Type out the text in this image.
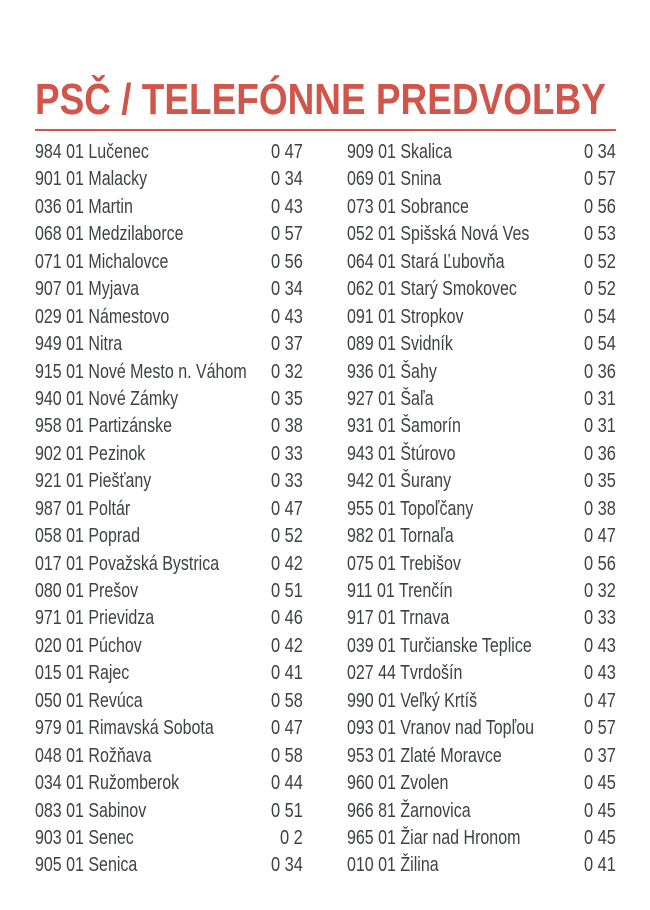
PSČ / TELEFÓNNE PREDVOĽBY
984 01 Lučenec	0 47
901 01 Malacky	0 34
036 01 Martin	0 43
068 01 Medzilaborce	0 57
071 01 Michalovce	0 56
907 01 Myjava	0 34
029 01 Námestovo	0 43
949 01 Nitra	0 37
915 01 Nové Mesto n. Váhom 0 32
940 01 Nové Zámky	0 35
958 01 Partizánske	0 38
902 01 Pezinok	0 33
921 01 Piešťany	0 33
987 01 Poltár	0 47
058 01 Poprad	0 52
017 01 Považská Bystrica	0 42
080 01 Prešov	0 51
971 01 Prievidza	0 46
020 01 Púchov	0 42
015 01 Rajec	0 41
050 01 Revúca	0 58
979 01 Rimavská Sobota	0 47
048 01 Rožňava	0 58
034 01 Ružomberok	0 44
083 01 Sabinov	0 51
903 01 Senec	0 2
905 01 Senica	0 34
909 01 Skalica	0 34
069 01 Snina	0 57
073 01 Sobrance	0 56
052 01 Spišská Nová Ves	0 53
064 01 Stará Ľubovňa	0 52
062 01 Starý Smokovec	0 52
091 01 Stropkov	0 54
089 01 Svidník	0 54
936 01 Šahy	0 36
927 01 Šaľa	0 31
931 01 Šamorín	0 31
943 01 Štúrovo	0 36
942 01 Šurany	0 35
955 01 Topoľčany	0 38
982 01 Tornaľa	0 47
075 01 Trebišov	0 56
911 01 Trenčín	0 32
917 01 Trnava	0 33
039 01 Turčianske Teplice	0 43
027 44 Tvrdošín	0 43
990 01 Veľký Krtíš	0 47
093 01 Vranov nad Topľou	0 57
953 01 Zlaté Moravce	0 37
960 01 Zvolen	0 45
966 81 Žarnovica	0 45
965 01 Žiar nad Hronom	0 45
010 01 Žilina	0 41
